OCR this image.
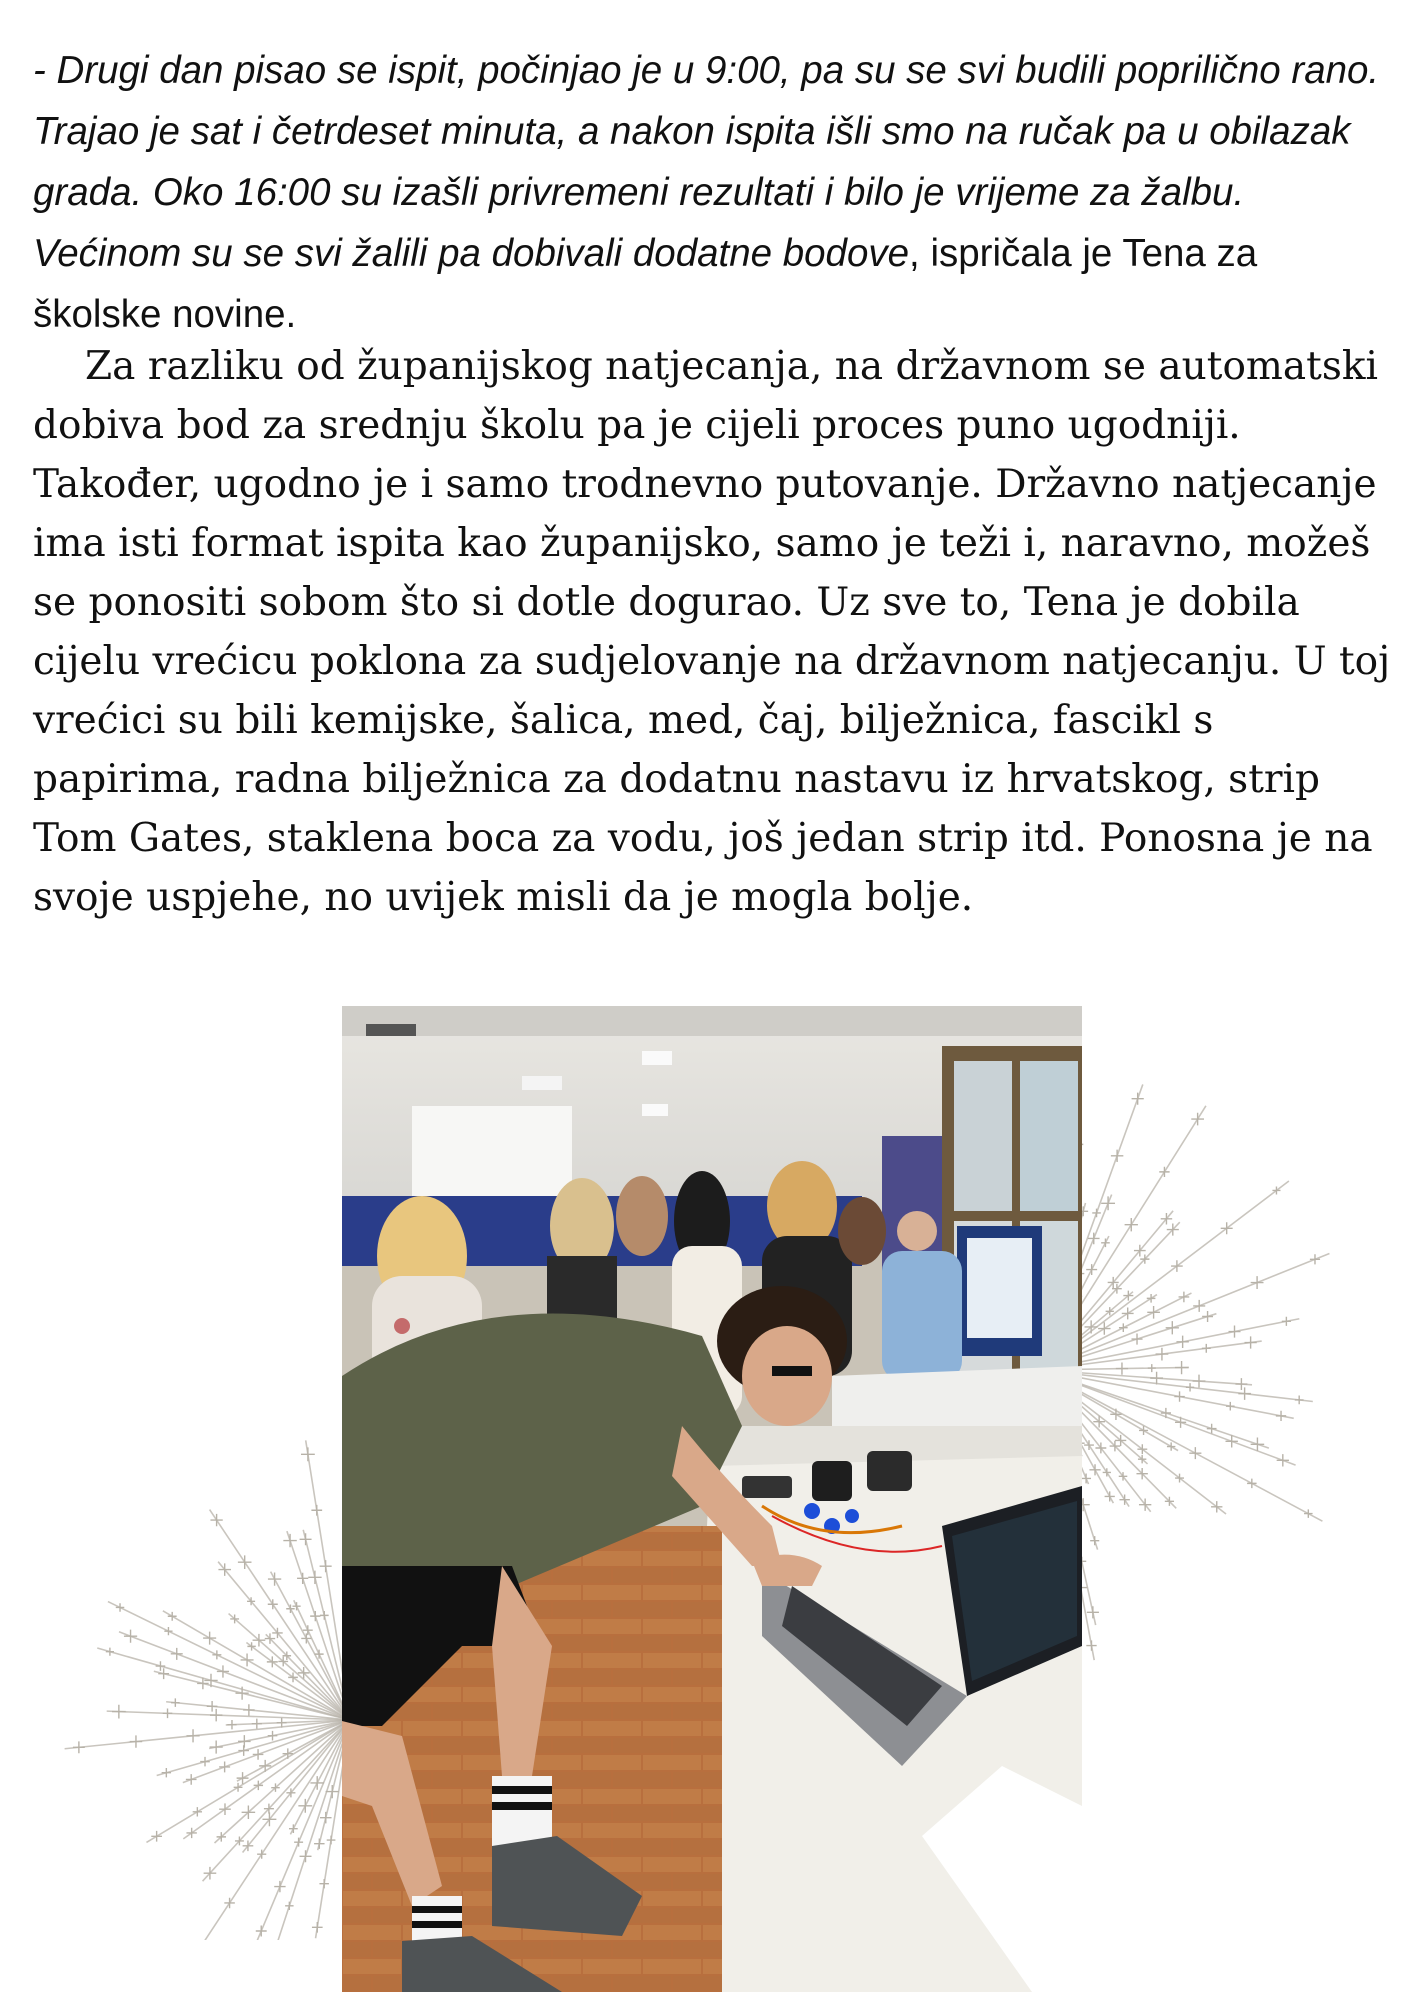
- Drugi dan pisao se ispit, počinjao je u 9:00, pa su se svi budili poprilično rano. Trajao je sat i četrdeset minuta, a nakon ispita išli smo na ručak pa u obilazak grada. Oko 16:00 su izašli privremeni rezultati i bilo je vrijeme za žalbu. Većinom su se svi žalili pa dobivali dodatne bodove, ispričala je Tena za školske novine.

Za razliku od županijskog natjecanja, na državnom se automatski dobiva bod za srednju školu pa je cijeli proces puno ugodniji. Također, ugodno je i samo trodnevno putovanje. Državno natjecanje ima isti format ispita kao županijsko, samo je teži i, naravno, možeš se ponositi sobom što si dotle dogurao. Uz sve to, Tena je dobila cijelu vrećicu poklona za sudjelovanje na državnom natjecanju. U toj vrećici su bili kemijske, šalica, med, čaj, bilježnica, fascikl s papirima, radna bilježnica za dodatnu nastavu iz hrvatskog, strip Tom Gates, staklena boca za vodu, još jedan strip itd. Ponosna je na svoje uspjehe, no uvijek misli da je mogla bolje.
